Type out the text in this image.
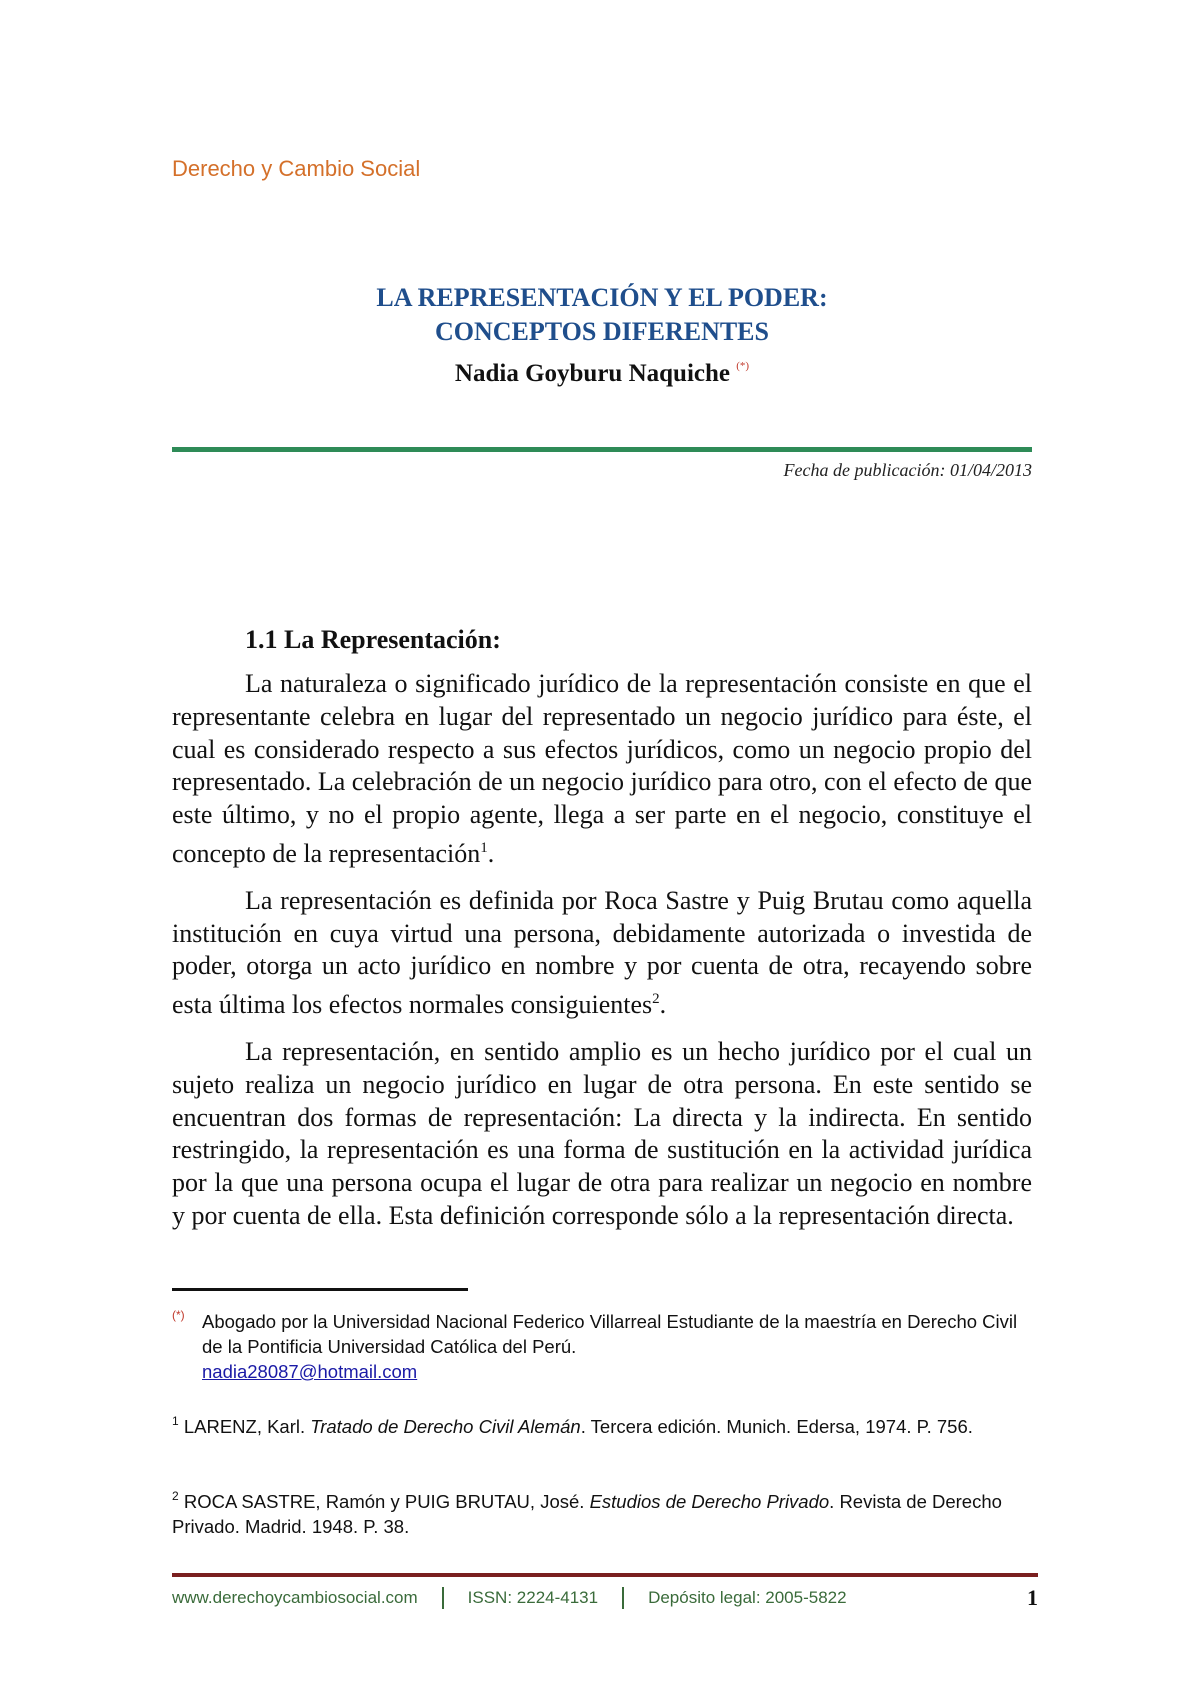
Derecho y Cambio Social
LA REPRESENTACIÓN Y EL PODER:
CONCEPTOS DIFERENTES
Nadia Goyburu Naquiche (*)
Fecha de publicación: 01/04/2013
1.1 La Representación:

La naturaleza o significado jurídico de la representación consiste en que el representante celebra en lugar del representado un negocio jurídico para éste, el cual es considerado respecto a sus efectos jurídicos, como un negocio propio del representado. La celebración de un negocio jurídico para otro, con el efecto de que este último, y no el propio agente, llega a ser parte en el negocio, constituye el concepto de la representación$^1$.

La representación es definida por Roca Sastre y Puig Brutau como aquella institución en cuya virtud una persona, debidamente autorizada o investida de poder, otorga un acto jurídico en nombre y por cuenta de otra, recayendo sobre esta última los efectos normales consiguientes$^2$.

La representación, en sentido amplio es un hecho jurídico por el cual un sujeto realiza un negocio jurídico en lugar de otra persona. En este sentido se encuentran dos formas de representación: La directa y la indirecta. En sentido restringido, la representación es una forma de sustitución en la actividad jurídica por la que una persona ocupa el lugar de otra para realizar un negocio en nombre y por cuenta de ella. Esta definición corresponde sólo a la representación directa.

(*) Abogado por la Universidad Nacional Federico Villarreal Estudiante de la maestría en Derecho Civil de la Pontificia Universidad Católica del Perú.
nadia28087@hotmail.com
$^1$ LARENZ, Karl. Tratado de Derecho Civil Alemán. Tercera edición. Munich. Edersa, 1974. P. 756.
$^2$ ROCA SASTRE, Ramón y PUIG BRUTAU, José. Estudios de Derecho Privado. Revista de Derecho Privado. Madrid. 1948. P. 38.
www.derechoycambiosocial.com	ISSN: 2224-4131	Depósito legal: 2005-5822	1
